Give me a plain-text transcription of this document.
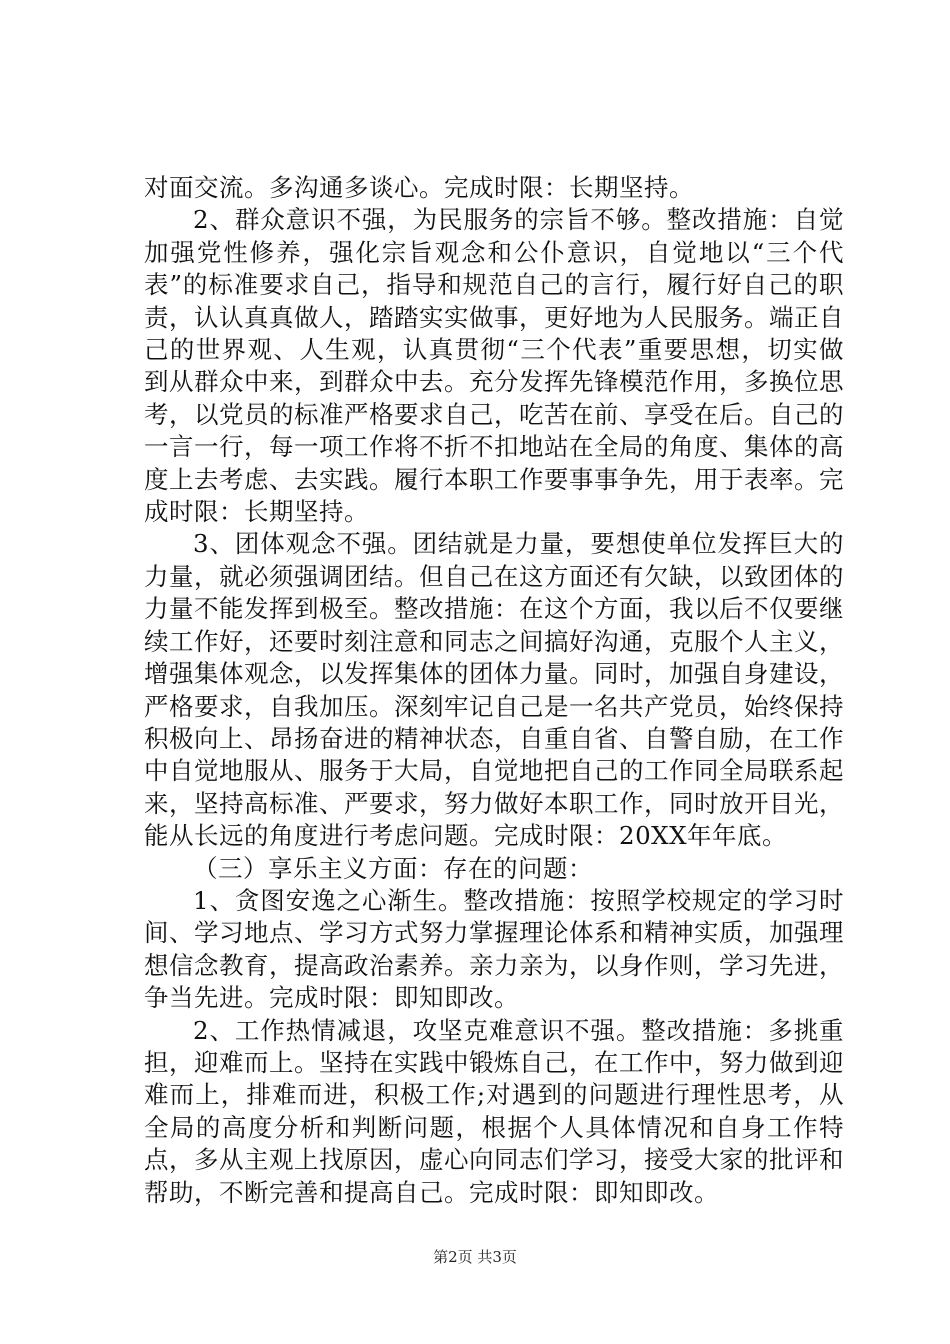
对面交流。多沟通多谈心。完成时限：长期坚持。

2、群众意识不强，为民服务的宗旨不够。整改措施：自觉加强党性修养，强化宗旨观念和公仆意识，自觉地以“三个代表”的标准要求自己，指导和规范自己的言行，履行好自己的职责，认认真真做人，踏踏实实做事，更好地为人民服务。端正自己的世界观、人生观，认真贯彻“三个代表”重要思想，切实做到从群众中来，到群众中去。充分发挥先锋模范作用，多换位思考，以党员的标准严格要求自己，吃苦在前、享受在后。自己的一言一行，每一项工作将不折不扣地站在全局的角度、集体的高度上去考虑、去实践。履行本职工作要事事争先，用于表率。完成时限：长期坚持。

3、团体观念不强。团结就是力量，要想使单位发挥巨大的力量，就必须强调团结。但自己在这方面还有欠缺，以致团体的力量不能发挥到极至。整改措施：在这个方面，我以后不仅要继续工作好，还要时刻注意和同志之间搞好沟通，克服个人主义，增强集体观念，以发挥集体的团体力量。同时，加强自身建设，严格要求，自我加压。深刻牢记自己是一名共产党员，始终保持积极向上、昂扬奋进的精神状态，自重自省、自警自励，在工作中自觉地服从、服务于大局，自觉地把自己的工作同全局联系起来，坚持高标准、严要求，努力做好本职工作，同时放开目光，能从长远的角度进行考虑问题。完成时限：20XX年年底。

（三）享乐主义方面：存在的问题：

1、贪图安逸之心渐生。整改措施：按照学校规定的学习时间、学习地点、学习方式努力掌握理论体系和精神实质，加强理想信念教育，提高政治素养。亲力亲为，以身作则，学习先进，争当先进。完成时限：即知即改。

2、工作热情减退，攻坚克难意识不强。整改措施：多挑重担，迎难而上。坚持在实践中锻炼自己，在工作中，努力做到迎难而上，排难而进，积极工作;对遇到的问题进行理性思考，从全局的高度分析和判断问题，根据个人具体情况和自身工作特点，多从主观上找原因，虚心向同志们学习，接受大家的批评和帮助，不断完善和提高自己。完成时限：即知即改。

第2页 共3页
